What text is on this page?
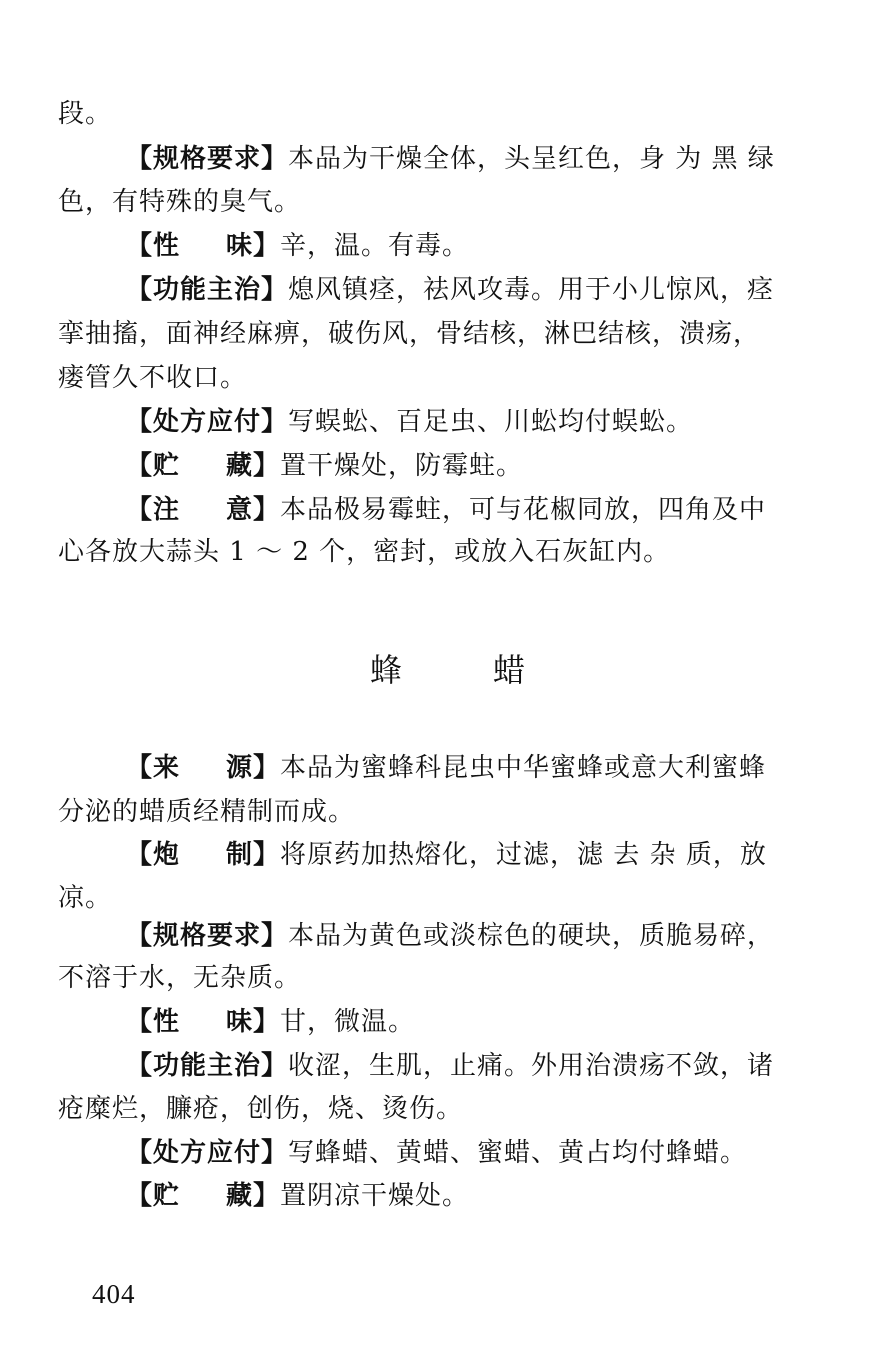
段。
【规格要求】本品为干燥全体，头呈红色，身 为 黑 绿
色，有特殊的臭气。
【性 味】辛，温。有毒。
【功能主治】熄风镇痉，祛风攻毒。用于小儿惊风，痉
挛抽搐，面神经麻痹，破伤风，骨结核，淋巴结核，溃疡，
瘘管久不收口。
【处方应付】写蜈蚣、百足虫、川蚣均付蜈蚣。
【贮 藏】置干燥处，防霉蛀。
【注 意】本品极易霉蛀，可与花椒同放，四角及中
心各放大蒜头 1 ～ 2 个，密封，或放入石灰缸内。
蜂	蜡
【来 源】本品为蜜蜂科昆虫中华蜜蜂或意大利蜜蜂
分泌的蜡质经精制而成。
【炮 制】将原药加热熔化，过滤，滤 去 杂 质，放
凉。
【规格要求】本品为黄色或淡棕色的硬块，质脆易碎，
不溶于水，无杂质。
【性 味】甘，微温。
【功能主治】收涩，生肌，止痛。外用治溃疡不敛，诸
疮糜烂，臁疮，创伤，烧、烫伤。
【处方应付】写蜂蜡、黄蜡、蜜蜡、黄占均付蜂蜡。
【贮 藏】置阴凉干燥处。
404
